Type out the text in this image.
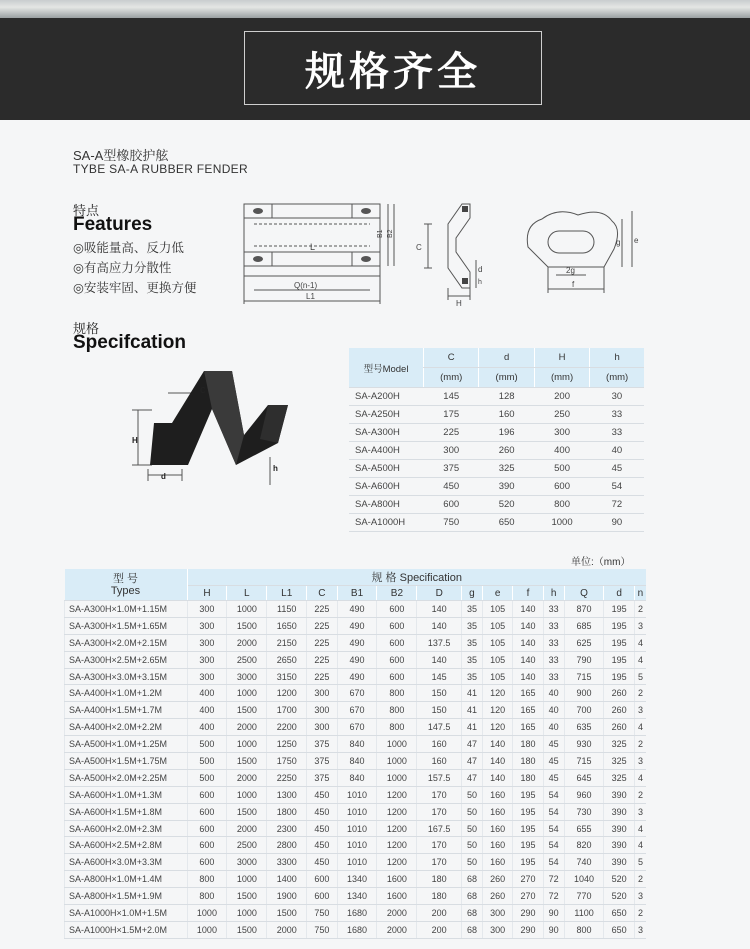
规格齐全
SA-A型橡胶护舷
TYBE SA-A RUBBER FENDER
特点
Features
◎吸能量高、反力低
◎有高应力分散性
◎安装牢固、更换方便
规格
Specifcation
L
Q(n-1)
L1
B1 B2
C
d
h
H
2g
f
g e
C
H
d
h
型号Model	C	d	H	h
	(mm)	(mm)	(mm)	(mm)
SA-A200H	145	128	200	30
SA-A250H	175	160	250	33
SA-A300H	225	196	300	33
SA-A400H	300	260	400	40
SA-A500H	375	325	500	45
SA-A600H	450	390	600	54
SA-A800H	600	520	800	72
SA-A1000H	750	650	1000	90
单位:（mm）
型 号
Types	规 格 Specification													
	H	L	L1	C	B1	B2	D	g	e	f	h	Q	d	n
SA-A300H×1.0M+1.15M	300	1000	1150	225	490	600	140	35	105	140	33	870	195	2
SA-A300H×1.5M+1.65M	300	1500	1650	225	490	600	140	35	105	140	33	685	195	3
SA-A300H×2.0M+2.15M	300	2000	2150	225	490	600	137.5	35	105	140	33	625	195	4
SA-A300H×2.5M+2.65M	300	2500	2650	225	490	600	140	35	105	140	33	790	195	4
SA-A300H×3.0M+3.15M	300	3000	3150	225	490	600	145	35	105	140	33	715	195	5
SA-A400H×1.0M+1.2M	400	1000	1200	300	670	800	150	41	120	165	40	900	260	2
SA-A400H×1.5M+1.7M	400	1500	1700	300	670	800	150	41	120	165	40	700	260	3
SA-A400H×2.0M+2.2M	400	2000	2200	300	670	800	147.5	41	120	165	40	635	260	4
SA-A500H×1.0M+1.25M	500	1000	1250	375	840	1000	160	47	140	180	45	930	325	2
SA-A500H×1.5M+1.75M	500	1500	1750	375	840	1000	160	47	140	180	45	715	325	3
SA-A500H×2.0M+2.25M	500	2000	2250	375	840	1000	157.5	47	140	180	45	645	325	4
SA-A600H×1.0M+1.3M	600	1000	1300	450	1010	1200	170	50	160	195	54	960	390	2
SA-A600H×1.5M+1.8M	600	1500	1800	450	1010	1200	170	50	160	195	54	730	390	3
SA-A600H×2.0M+2.3M	600	2000	2300	450	1010	1200	167.5	50	160	195	54	655	390	4
SA-A600H×2.5M+2.8M	600	2500	2800	450	1010	1200	170	50	160	195	54	820	390	4
SA-A600H×3.0M+3.3M	600	3000	3300	450	1010	1200	170	50	160	195	54	740	390	5
SA-A800H×1.0M+1.4M	800	1000	1400	600	1340	1600	180	68	260	270	72	1040	520	2
SA-A800H×1.5M+1.9M	800	1500	1900	600	1340	1600	180	68	260	270	72	770	520	3
SA-A1000H×1.0M+1.5M	1000	1000	1500	750	1680	2000	200	68	300	290	90	1100	650	2
SA-A1000H×1.5M+2.0M	1000	1500	2000	750	1680	2000	200	68	300	290	90	800	650	3
